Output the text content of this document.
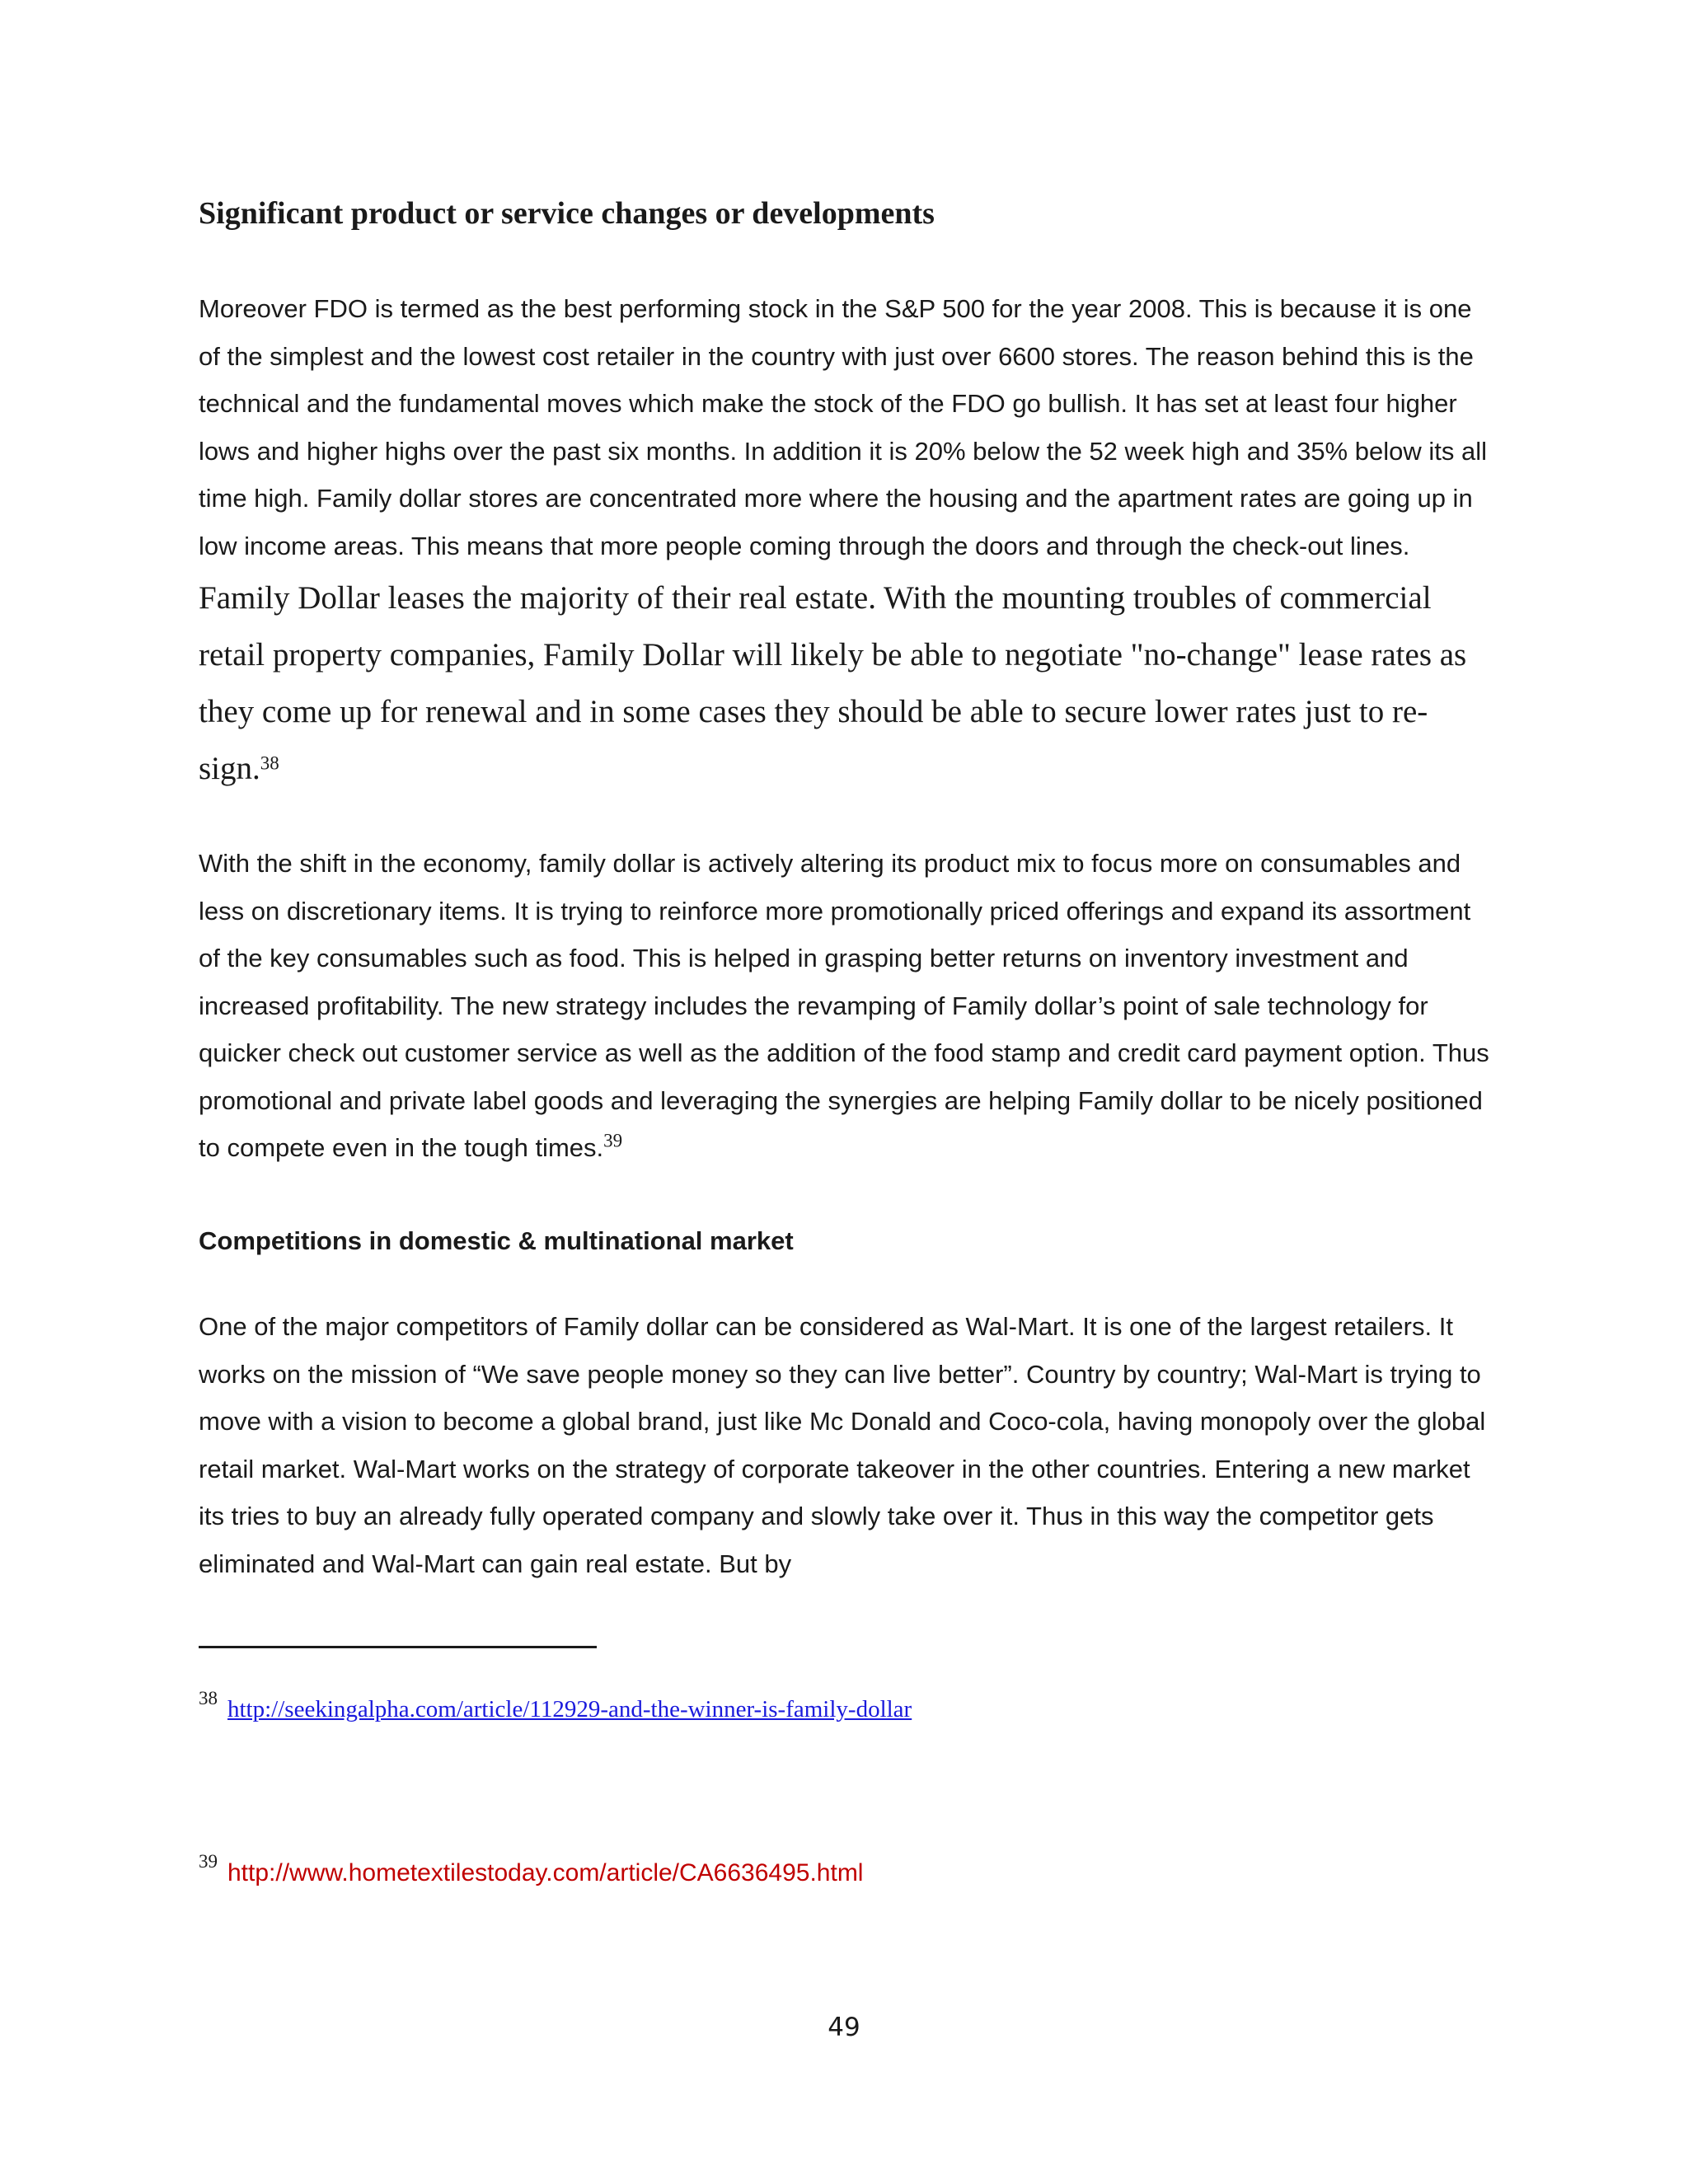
Significant product or service changes or developments

Moreover FDO is termed as the best performing stock in the S&P 500 for the year 2008. This is because it is one of the simplest and the lowest cost retailer in the country with just over 6600 stores. The reason behind this is the technical and the fundamental moves which make the stock of the FDO go bullish. It has set at least four higher lows and higher highs over the past six months. In addition it is 20% below the 52 week high and 35% below its all time high. Family dollar stores are concentrated more where the housing and the apartment rates are going up in low income areas. This means that more people coming through the doors and through the check-out lines. Family Dollar leases the majority of their real estate. With the mounting troubles of commercial retail property companies, Family Dollar will likely be able to negotiate "no-change" lease rates as they come up for renewal and in some cases they should be able to secure lower rates just to re-sign.$^{38}$

With the shift in the economy, family dollar is actively altering its product mix to focus more on consumables and less on discretionary items. It is trying to reinforce more promotionally priced offerings and expand its assortment of the key consumables such as food. This is helped in grasping better returns on inventory investment and increased profitability. The new strategy includes the revamping of Family dollar’s point of sale technology for quicker check out customer service as well as the addition of the food stamp and credit card payment option. Thus promotional and private label goods and leveraging the synergies are helping Family dollar to be nicely positioned to compete even in the tough times.$^{39}$

Competitions in domestic & multinational market

One of the major competitors of Family dollar can be considered as Wal-Mart. It is one of the largest retailers. It works on the mission of “We save people money so they can live better”. Country by country; Wal-Mart is trying to move with a vision to become a global brand, just like Mc Donald and Coco-cola, having monopoly over the global retail market. Wal-Mart works on the strategy of corporate takeover in the other countries. Entering a new market its tries to buy an already fully operated company and slowly take over it. Thus in this way the competitor gets eliminated and Wal-Mart can gain real estate. But by

$^{38}$ http://seekingalpha.com/article/112929-and-the-winner-is-family-dollar
$^{39}$ http://www.hometextilestoday.com/article/CA6636495.html
49
